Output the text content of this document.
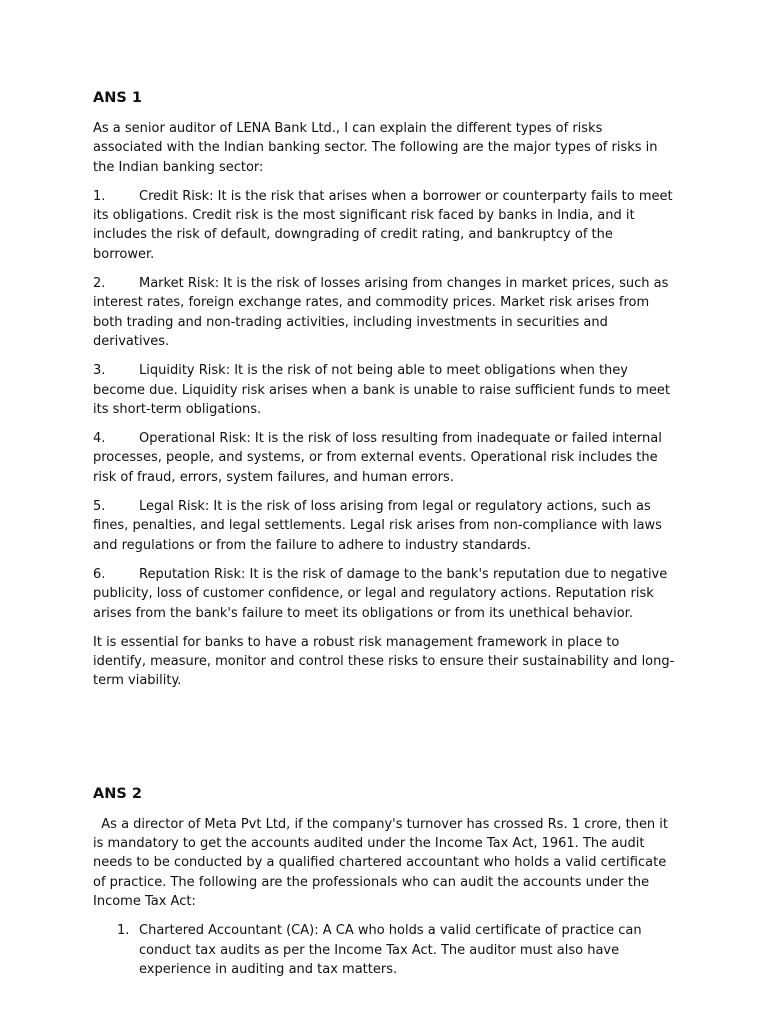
ANS 1

As a senior auditor of LENA Bank Ltd., I can explain the different types of risks associated with the Indian banking sector. The following are the major types of risks in the Indian banking sector:

1.	Credit Risk: It is the risk that arises when a borrower or counterparty fails to meet its obligations. Credit risk is the most significant risk faced by banks in India, and it includes the risk of default, downgrading of credit rating, and bankruptcy of the borrower.

2.	Market Risk: It is the risk of losses arising from changes in market prices, such as interest rates, foreign exchange rates, and commodity prices. Market risk arises from both trading and non-trading activities, including investments in securities and derivatives.

3.	Liquidity Risk: It is the risk of not being able to meet obligations when they become due. Liquidity risk arises when a bank is unable to raise sufficient funds to meet its short-term obligations.

4.	Operational Risk: It is the risk of loss resulting from inadequate or failed internal processes, people, and systems, or from external events. Operational risk includes the risk of fraud, errors, system failures, and human errors.

5.	Legal Risk: It is the risk of loss arising from legal or regulatory actions, such as fines, penalties, and legal settlements. Legal risk arises from non-compliance with laws and regulations or from the failure to adhere to industry standards.

6.	Reputation Risk: It is the risk of damage to the bank's reputation due to negative publicity, loss of customer confidence, or legal and regulatory actions. Reputation risk arises from the bank's failure to meet its obligations or from its unethical behavior.

It is essential for banks to have a robust risk management framework in place to identify, measure, monitor and control these risks to ensure their sustainability and long-term viability.

ANS 2

As a director of Meta Pvt Ltd, if the company's turnover has crossed Rs. 1 crore, then it is mandatory to get the accounts audited under the Income Tax Act, 1961. The audit needs to be conducted by a qualified chartered accountant who holds a valid certificate of practice. The following are the professionals who can audit the accounts under the Income Tax Act:

1. Chartered Accountant (CA): A CA who holds a valid certificate of practice can conduct tax audits as per the Income Tax Act. The auditor must also have experience in auditing and tax matters.
